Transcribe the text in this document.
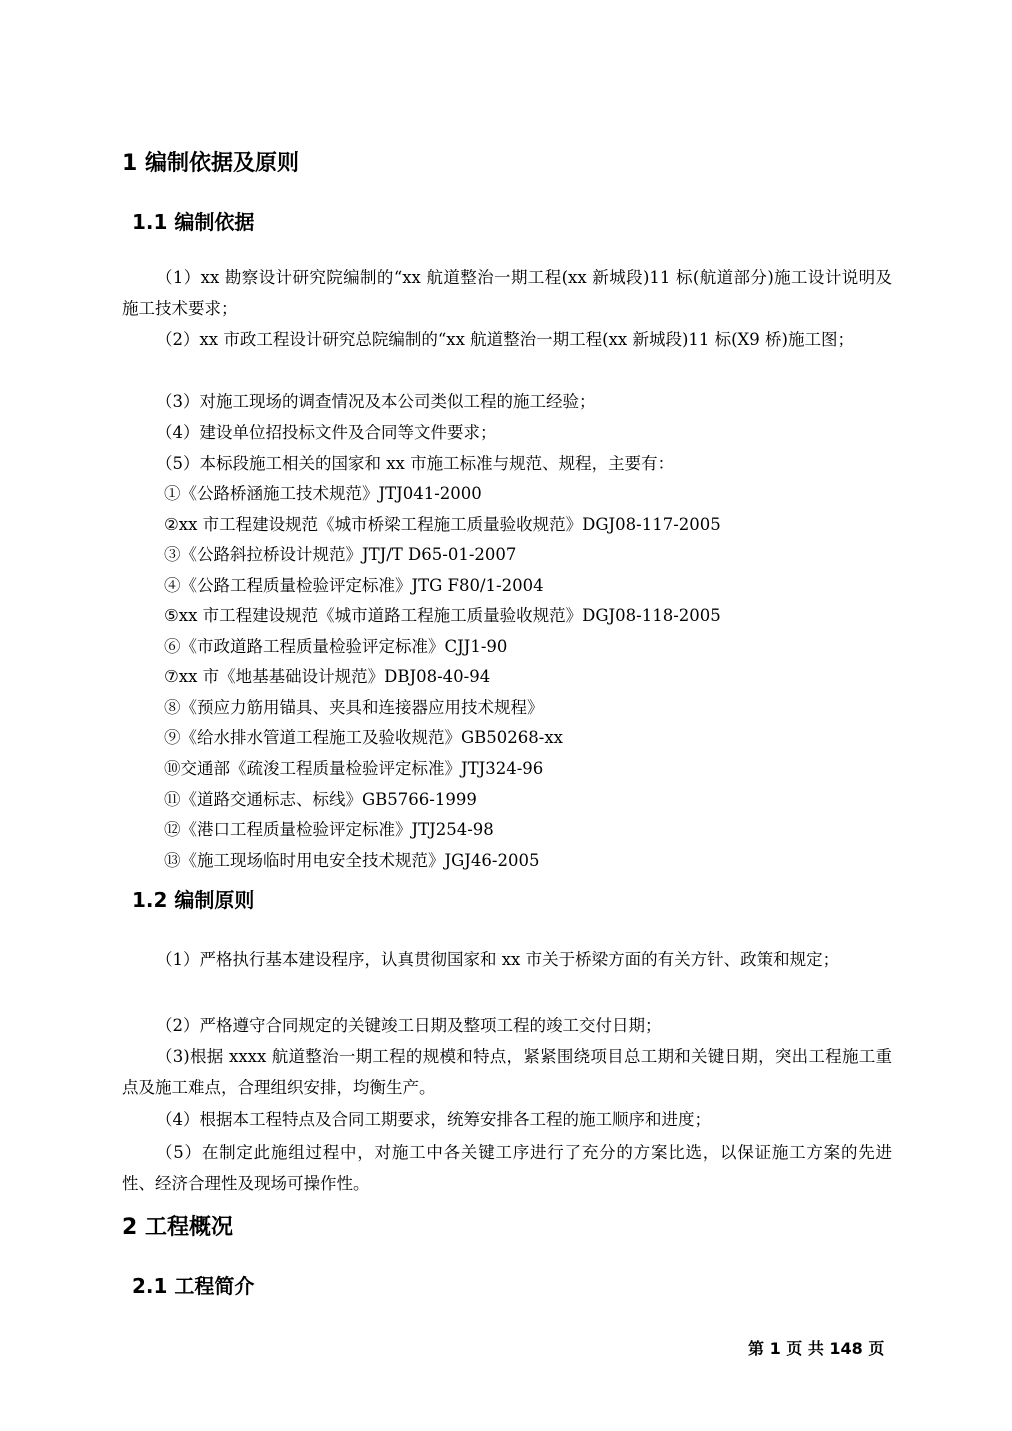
1 编制依据及原则
1.1 编制依据

（1）xx 勘察设计研究院编制的“xx 航道整治一期工程(xx 新城段)11 标(航道部分)施工设计说明及施工技术要求；

（2）xx 市政工程设计研究总院编制的“xx 航道整治一期工程(xx 新城段)11 标(X9 桥)施工图；

（3）对施工现场的调查情况及本公司类似工程的施工经验；

（4）建设单位招投标文件及合同等文件要求；

（5）本标段施工相关的国家和 xx 市施工标准与规范、规程，主要有：

①《公路桥涵施工技术规范》JTJ041-2000
②xx 市工程建设规范《城市桥梁工程施工质量验收规范》DGJ08-117-2005
③《公路斜拉桥设计规范》JTJ/T D65-01-2007
④《公路工程质量检验评定标准》JTG F80/1-2004
⑤xx 市工程建设规范《城市道路工程施工质量验收规范》DGJ08-118-2005
⑥《市政道路工程质量检验评定标准》CJJ1-90
⑦xx 市《地基基础设计规范》DBJ08-40-94
⑧《预应力筋用锚具、夹具和连接器应用技术规程》
⑨《给水排水管道工程施工及验收规范》GB50268-xx
⑩交通部《疏浚工程质量检验评定标准》JTJ324-96
⑪《道路交通标志、标线》GB5766-1999
⑫《港口工程质量检验评定标准》JTJ254-98
⑬《施工现场临时用电安全技术规范》JGJ46-2005
1.2 编制原则

（1）严格执行基本建设程序，认真贯彻国家和 xx 市关于桥梁方面的有关方针、政策和规定；

（2）严格遵守合同规定的关键竣工日期及整项工程的竣工交付日期；

（3)根据 xxxx 航道整治一期工程的规模和特点，紧紧围绕项目总工期和关键日期，突出工程施工重点及施工难点，合理组织安排，均衡生产。

（4）根据本工程特点及合同工期要求，统筹安排各工程的施工顺序和进度；

（5）在制定此施组过程中，对施工中各关键工序进行了充分的方案比选，以保证施工方案的先进性、经济合理性及现场可操作性。

2 工程概况
2.1 工程简介
第 1 页 共 148 页
